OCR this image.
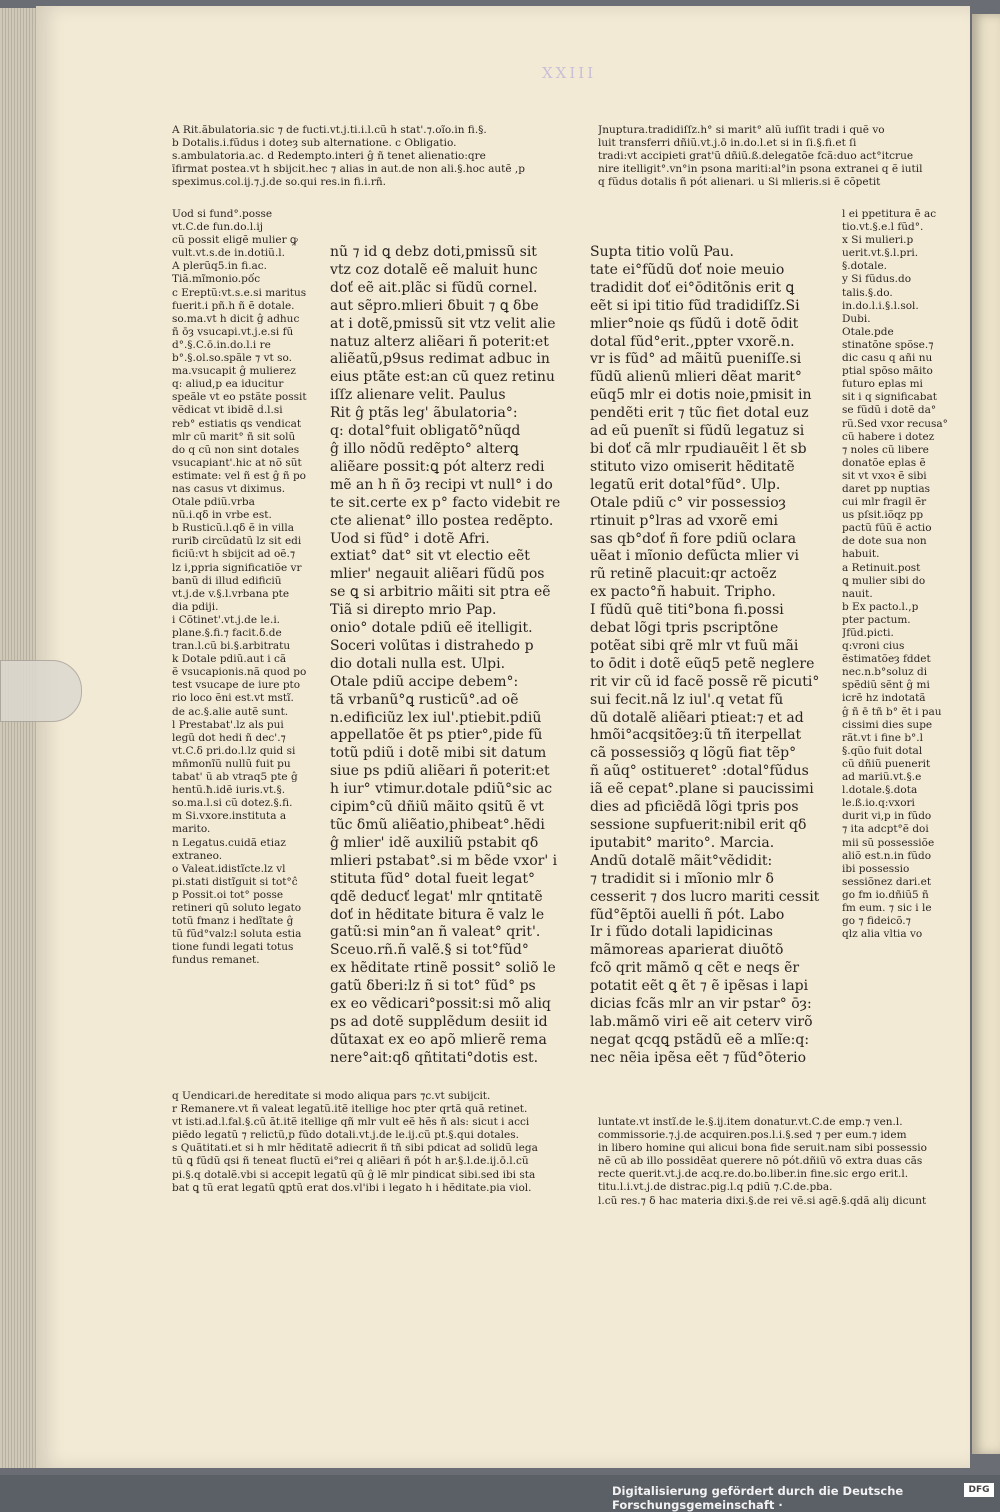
XXIII
A Rit.ãbulatoria.sic ⁊ de fucti.vt.j.ti.i.l.cũ h stat'.⁊.oĩo.in fi.§.
b Dotalis.i.fũdus i doteȝ sub alternatione. c Obligatio.
s.ambulatoria.ac. d Redempto.interi ĝ ñ tenet alienatio:qre
īfirmat postea.vt h sbijcit.hec ⁊ alias in aut.de non ali.§.hoc autẽ ,p
speximus.col.ij.⁊.j.de so.qui res.in fi.i.rñ.
Uod si fund°.posse
vt.C.de fun.do.l.ij
cũ possit eligẽ mulier ꝙ
vult.vt.s.de in.dotiũ.l.
A plerũq5.in fi.ac.
Tiã.mĩmonio.pốc
c Ereptũ:vt.s.e.si maritus
fuerit.i pñ.h ñ ẽ dotale.
so.ma.vt h dicit ĝ adhuc
ñ ōȝ vsucapi.vt.j.e.si fũ
d°.§.C.ō.in.do.l.i re
b°.§.ol.so.spãle ⁊ vt so.
ma.vsucapit ĝ mulierez
q: aliud,p ea iducitur
speãle vt eo pstãte possit
vẽdicat vt ibidẽ ḋ.l.si
reb° estiatis qs vendicat
mlr cũ marit° ñ sit solũ
do q cũ non sint dotales
vsucapiant'.hic at nõ sũt
estimate: vel ñ est ĝ ñ po
nas casus vt diximus.
Otale pdiũ.vrba
nũ.i.qδ in vrbe est.
b Rusticũ.l.qδ ẽ in villa
ruriƀ circũdatũ lz sit edi
ficiũ:vt h sbijcit ad oẽ.⁊
lz i,ppria significatiõe vr
banũ ḋi illud edificiũ
vt.j.de v.§.l.vrbana pte
dia pdiji.
i Cõtinet'.vt.j.de le.i.
plane.§.fi.⁊ facit.δ.de
tran.l.cũ bi.§.arbitratu
k Dotale pdiũ.aut i cã
ẽ vsucapionis.nã quod po
test vsucape de iure pto
rio loco ẽni est.vt mstĩ.
de ac.§.alie autẽ sunt.
l Prestabat'.lz als pui
legũ dot hedi ñ dec'.⁊
vt.C.δ pri.do.l.lz quid si
mñmonĩũ nullũ fuit pu
tabat' ũ ab vtraq5 pte ĝ
hentũ.ħ.idẽ iuris.vt.§.
so.ma.l.si cũ dotez.§.fi.
m Si.vxore.instituta a
marito.
n Legatus.cuidã etiaz
extraneo.
o Valeat.idistĩcte.lz vl
pi.stati distĩguit si tot°ĉ
p Possit.oi tot° posse
retineri qũ soluto legato
totũ fmanz i hedĩtate ĝ
tũ fũd°valz:l soluta estia
tione fundi legati totus
fundus remanet.
nũ ⁊ id ꝗ debz doti,pmissũ sit
vtz coz dotalẽ eẽ maluit hunc
doť eẽ ait.plãc si fũdũ cornel.
aut sẽpro.mlieri δbuit ⁊ ꝗ δbe
at i dotẽ,pmissũ sit vtz velit alie
natuz alterz aliẽari ñ poterit:et
aliẽatũ,p9sus redimat adbuc in
eius ptãte est:an cũ quez retinu
iſſz alienare velit. Paulus
Rit ĝ ptãs leg' ãbulatoria°:
q: dotal°fuit obligatõ°nũqd
ĝ illo nõdũ redẽpto° alterꝗ
aliẽare possit:ꝗ pót alterz redi
mẽ an h ñ ōȝ recipi vt null° i do
te sit.certe ex p° facto videbit re
cte alienat° illo postea redẽpto.
Uod si fũd° i dotẽ Afri.
extiat° dat° sit vt electio eẽt
mlier' negauit aliẽari fũdũ pos
se ꝗ si arbitrio mãiti sit ptra eẽ
Tiã si direpto mrio Pap.
onio° dotale pdiũ eẽ itelligit.
Soceri volũtas i distrahedo p
dio dotali nulla est. Ulpi.
Otale pdiũ accipe debem°:
tã vrbanũ°ꝗ rusticũ°.ad oẽ
n.edificiũz lex iul'.ptiebit.pdiũ
appellatõe ẽt ps ptier°,pide fũ
totũ pdiũ i dotẽ mibi sit datum
siue ps pdiũ aliẽari ñ poterit:et
h iur° vtimur.dotale pdiũ°sic ac
cipim°cũ dñiũ mãito qsitũ ẽ vt
tũc δmũ aliẽatio,phibeat°.hẽdi
ĝ mlier' idẽ auxiliũ pstabit qδ
mlieri pstabat°.si m bẽde vxor' i
stituta fũd° dotal fueit legat°
qdẽ deducť legat' mlr qntitatẽ
doť in hẽditate bitura ẽ valz le
gatũ:si min°an ñ valeat° qrit'.
Sceuo.rñ.ñ valẽ.§ si tot°fũd°
ex hẽditate rtinẽ possit° soliõ le
gatũ δberi:lz ñ si tot° fũd° ps
ex eo vẽdicari°possit:si mõ aliq
ps ad dotẽ supplẽdum desiit id
dũtaxat ex eo apõ mlierẽ rema
nere°ait:qδ qñtitati°dotis est.
Jnuptura.tradidiſſz.h° si marit° alũ iuſſit tradi i quẽ vo
luit transferri dñiũ.vt.j.ō in.do.l.et si in ſi.§.fi.et ſi
tradi:vt accipieti grat'ũ dñiũ.ß.delegatõe fcã:duo act°itcrue
nire itelligit°.vn°in psona mariti:al°in psona extranei q ẽ iutil
q fũdus dotalis ñ pót alienari. u Si mlieris.si ẽ cõpetit
Supta titio volũ Pau.
tate ei°fũdũ doť noie meuio
tradidit doť ei°ōditõnis erit ꝗ
eẽt si ipi titio fũd tradidiſſz.Si
mlier°noie qs fũdũ i dotẽ ōdit
dotal fũd°erit.,ppter vxorẽ.n.
vr is fũd° ad mãitũ pueniſſe.si
fũdũ alienũ mlieri dẽat marit°
eũq5 mlr ei dotis noie,pmisit in
pendẽti erit ⁊ tũc fiet dotal euz
ad eũ puenĩt si fũdũ legatuz si
bi doť cã mlr rpudiauẽit l ẽt sb
stituto vizo omiserit hẽditatẽ
legatũ erit dotal°fũd°. Ulp.
Otale pdiũ c° vir possessioȝ
rtinuit p°lras ad vxorẽ emi
sas qb°doť ñ fore pdiũ oclara
uẽat i mĩonio defũcta mlier vi
rũ retinẽ placuit:qr actoẽz
ex pacto°ñ habuit. Tripho.
I fũdũ quẽ titi°bona fi.possi
debat lõgi tpris pscriptõne
potẽat sibi qrẽ mlr vt fuũ mãi
to ōdit i dotẽ eũq5 petẽ neglere
rit vir cũ id facẽ possẽ rẽ picuti°
sui fecit.nã lz iul'.q vetat fũ
dũ dotalẽ aliẽari ptieat:⁊ et ad
hmõi°acqsitõeȝ:ũ tñ iterpellat
cã possessiõȝ q lõgũ fiat tẽp°
ñ aũq° ostitueret° :dotal°fũdus
iã eẽ cepat°.plane si paucissimi
dies ad pficiẽdã lõgi tpris pos
sessione supfuerit:nibil erit qδ
iputabit° marito°. Marcia.
Andũ dotalẽ mãit°vẽdidit:
⁊ tradidit si i mĩonio mlr δ
cesserit ⁊ dos lucro mariti cessit
fũd°ẽptõi auelli ñ pót. Labo
Ir i fũdo dotali lapidicinas
mãmoreas aparierat diuõtõ
fcõ qrit mãmõ q cẽt e neqs ẽr
potatit eẽt ꝗ ẽt ⁊ ẽ ipẽsas i lapi
dicias fcãs mlr an vir pstar° ōȝ:
lab.mãmõ viri eẽ ait ceterv virõ
negat qcqꝗ pstãdũ eẽ a mlĩe:q:
nec nẽia ipẽsa eẽt ⁊ fũd°ōterio
l ei ppetitura ẽ ac
tio.vt.§.e.l fũd°.
x Si mulieri.p
uerit.vt.§.l.pri.
§.dotale.
y Si fũdus.do
talis.§.do.
in.do.l.i.§.l.sol.
Dubi.
Otale.pde
stinatõne spõse.⁊
dic casu q añi nu
ptial spõso mãito
futuro eplas mi
sit i q significabat
se fũdũ i dotẽ da°
rũ.Sed vxor recusa°
cũ habere i dotez
⁊ noles cũ libere
donatõe eplas ẽ
sit vt vxoꝛ ẽ sibi
daret pp nuptias
cui mlr fragil ẽr
us pſsit.iõqz pp
pactũ fũũ ẽ actio
de dote sua non
habuit.
a Retinuit.post
ꝗ mulier sibi do
nauit.
b Ex pacto.l.,p
pter pactum.
Jfũd.picti.
q:vroni cius
ẽstimatõeȝ fddet
nec.n.b°soluz di
spẽdiũ sẽnt ĝ mi
icrẽ hz indotatã
ĝ ñ ē tñ b° ẽt i pau
cissimi dies supe
rãt.vt i fine b°.l
§.qũo fuit dotal
cũ dñiũ puenerit
ad mariũ.vt.§.e
l.dotale.§.dota
le.ß.io.q:vxori
durit vi,p in fũdo
⁊ ita adcpt°ẽ doi
mii sũ possessiõe
aliõ est.n.in fũdo
ibi possessio
sessiõnez dari.et
go fm io.dñiũ5 ñ
fm eum. ⁊ sic i le
go ⁊ fideicõ.⁊
qlz alia vltia vo
q Uendicari.de hereditate si modo aliqua pars ⁊c.vt subijcit.
r Remanere.vt ñ valeat legatũ.itẽ itellige hoc pter qrtã quã retinet.
vt isti.ad.l.fal.§.cũ ãt.itẽ itellige qñ mlr vult eẽ hẽs ñ als: sicut i acci
piẽdo legatũ ⁊ relictũ,p fũdo dotali.vt.j.de le.ij.cũ pt.§.qui dotales.
s Quãtitati.et si h mlr hẽditatẽ adiecrit ñ tñ sibi pdicat ad solidũ lega
tũ ꝗ fũdũ qsi ñ teneat fluctũ ei°rei q aliẽari ñ pót h ar.§.l.de.ij.ō.l.cũ
pi.§.q dotalẽ.vbi si accepit legatũ qũ ĝ lẽ mlr pindicat sibi.sed ibi sta
bat ꝗ tũ erat legatũ ꝗptũ erat dos.vl'ibi i legato h i hẽditate.pia viol.
luntate.vt instĩ.de le.§.ij.item donatur.vt.C.de emp.⁊ ven.l.
commissorie.⁊.j.de acquiren.pos.l.i.§.sed ⁊ per eum.⁊ idem
in libero homine qui alicui bona fide seruit.nam sibi possessio
nẽ cũ ab illo possidẽat querere nõ pót.dñiũ võ extra duas cãs
recte querit.vt.j.de acq.re.do.bo.liber.in fine.sic ergo erit.l.
titu.l.i.vt.j.de distrac.pig.l.q pdiũ ⁊.C.de.pba.
l.cũ res.⁊ δ hac materia dixi.§.de rei vẽ.si agẽ.§.qdã aliȷ dicunt
Digitalisierung gefördert durch die Deutsche Forschungsgemeinschaft ·
DFG
